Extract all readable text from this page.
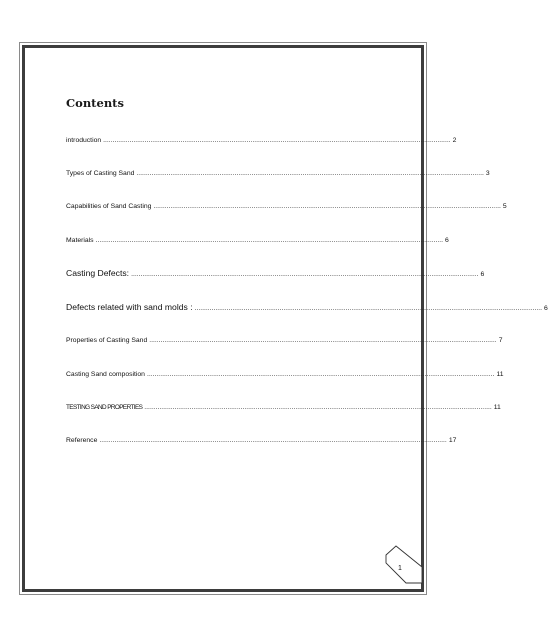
Contents
introduction ........................................................................................................................................................................................ 2
Types of Casting Sand ........................................................................................................................................................................................ 3
Capabilities of Sand Casting ........................................................................................................................................................................................ 5
Materials ........................................................................................................................................................................................ 6
Casting Defects: ........................................................................................................................................................................................ 6
Defects related with sand molds : ........................................................................................................................................................................................ 6
Properties of Casting Sand ........................................................................................................................................................................................ 7
Casting Sand composition ........................................................................................................................................................................................ 11
TESTING SAND PROPERTIES ........................................................................................................................................................................................ 11
Reference ........................................................................................................................................................................................ 17
1
